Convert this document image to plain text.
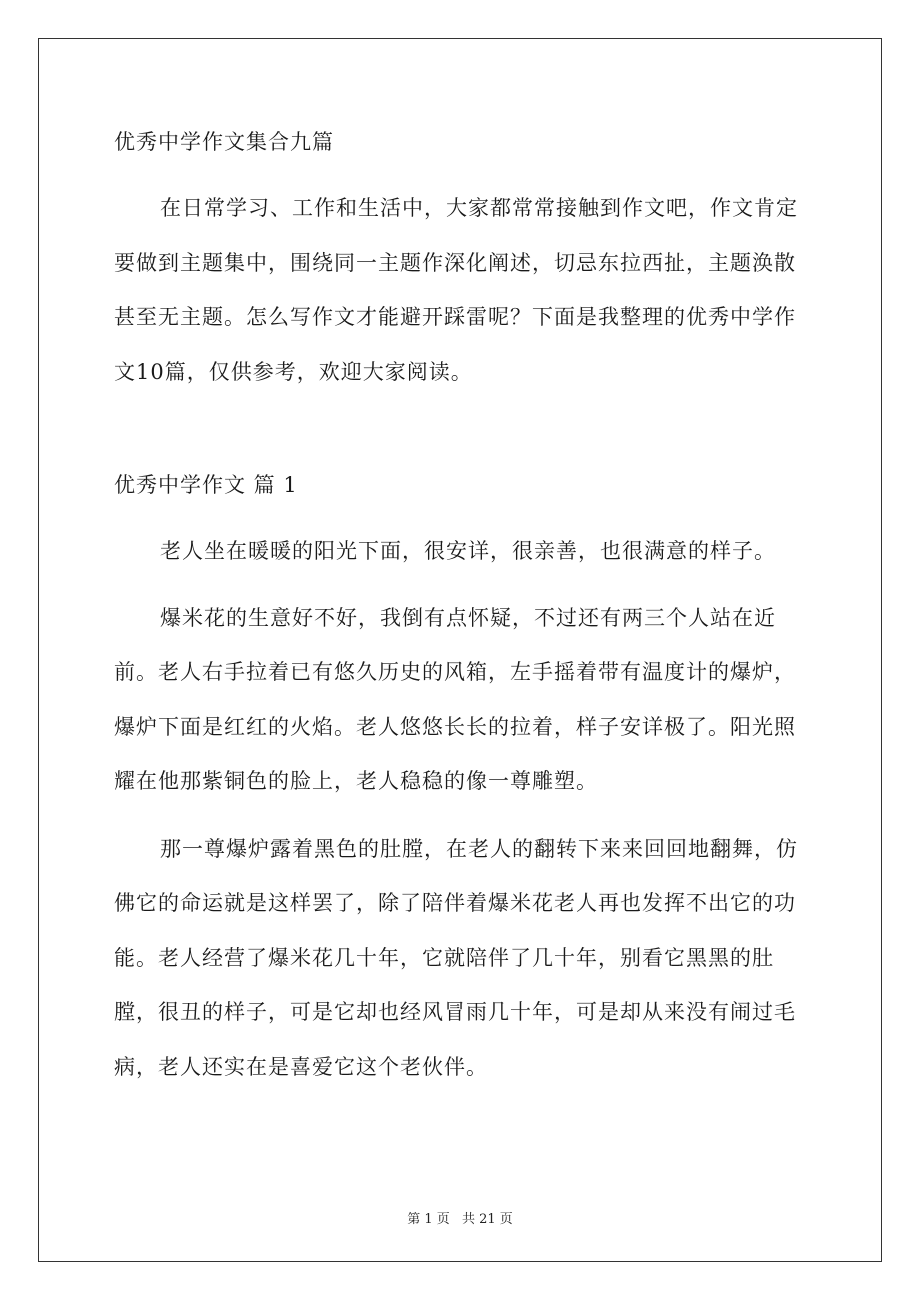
优秀中学作文集合九篇

在日常学习、工作和生活中，大家都常常接触到作文吧，作文肯定要做到主题集中，围绕同一主题作深化阐述，切忌东拉西扯，主题涣散甚至无主题。怎么写作文才能避开踩雷呢？下面是我整理的优秀中学作文10篇，仅供参考，欢迎大家阅读。

优秀中学作文 篇 1

老人坐在暖暖的阳光下面，很安详，很亲善，也很满意的样子。

爆米花的生意好不好，我倒有点怀疑，不过还有两三个人站在近前。老人右手拉着已有悠久历史的风箱，左手摇着带有温度计的爆炉，爆炉下面是红红的火焰。老人悠悠长长的拉着，样子安详极了。阳光照耀在他那紫铜色的脸上，老人稳稳的像一尊雕塑。

那一尊爆炉露着黑色的肚膛，在老人的翻转下来来回回地翻舞，仿佛它的命运就是这样罢了，除了陪伴着爆米花老人再也发挥不出它的功能。老人经营了爆米花几十年，它就陪伴了几十年，别看它黑黑的肚膛，很丑的样子，可是它却也经风冒雨几十年，可是却从来没有闹过毛病，老人还实在是喜爱它这个老伙伴。

第 1 页 共 21 页
